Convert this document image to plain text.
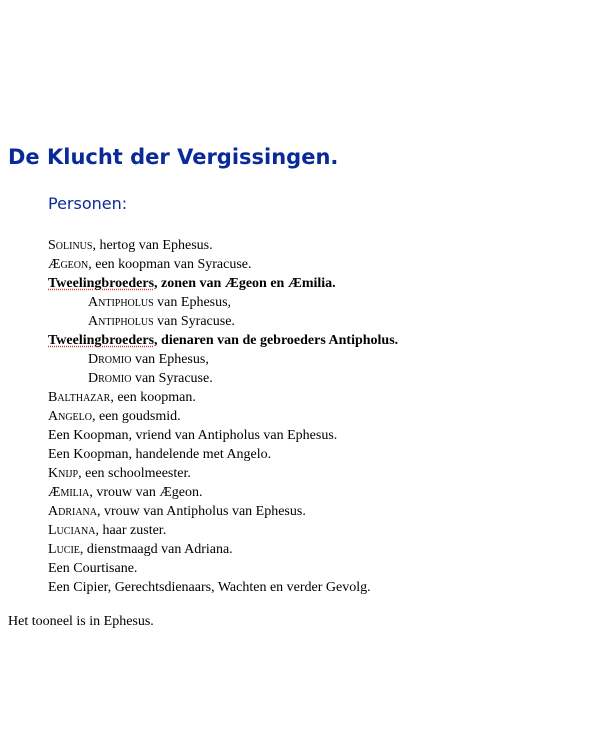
De Klucht der Vergissingen.
Personen:
Solinus, hertog van Ephesus.
Ægeon, een koopman van Syracuse.
Tweelingbroeders, zonen van Ægeon en Æmilia.
Antipholus van Ephesus,
Antipholus van Syracuse.
Tweelingbroeders, dienaren van de gebroeders Antipholus.
Dromio van Ephesus,
Dromio van Syracuse.
Balthazar, een koopman.
Angelo, een goudsmid.
Een Koopman, vriend van Antipholus van Ephesus.
Een Koopman, handelende met Angelo.
Knijp, een schoolmeester.
Æmilia, vrouw van Ægeon.
Adriana, vrouw van Antipholus van Ephesus.
Luciana, haar zuster.
Lucie, dienstmaagd van Adriana.
Een Courtisane.
Een Cipier, Gerechtsdienaars, Wachten en verder Gevolg.
Het tooneel is in Ephesus.
